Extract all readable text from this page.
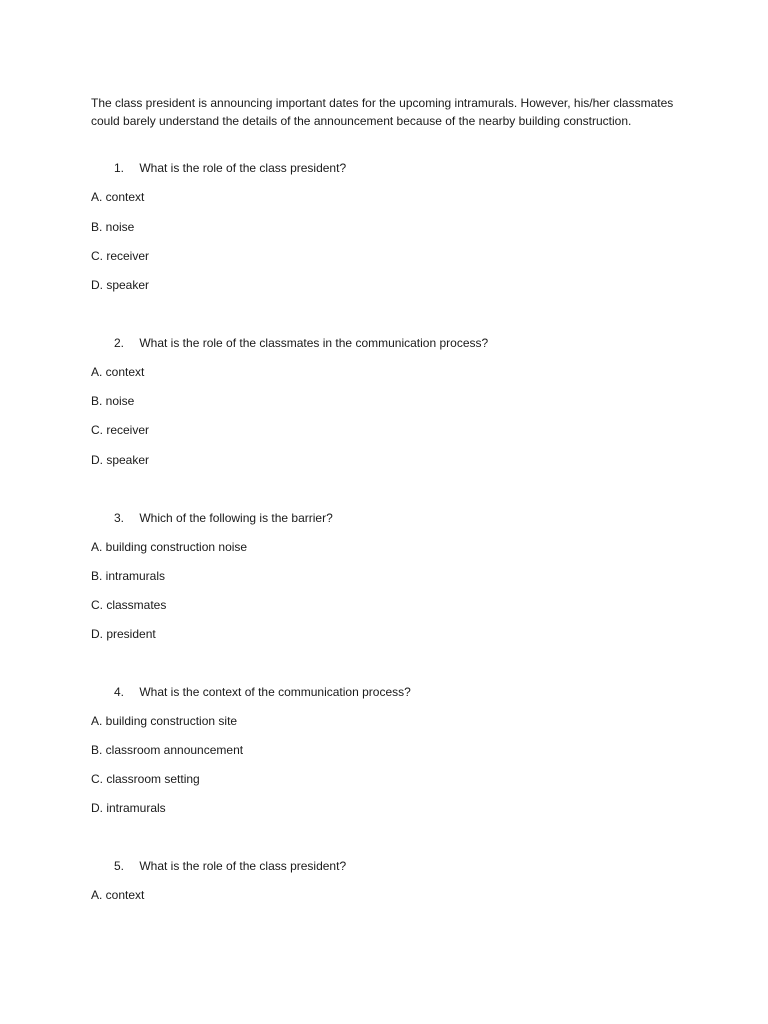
The class president is announcing important dates for the upcoming intramurals. However, his/her classmates could barely understand the details of the announcement because of the nearby building construction.

1. What is the role of the class president?

A. context

B. noise

C. receiver

D. speaker

2. What is the role of the classmates in the communication process?

A. context

B. noise

C. receiver

D. speaker

3. Which of the following is the barrier?

A. building construction noise

B. intramurals

C. classmates

D. president

4. What is the context of the communication process?

A. building construction site

B. classroom announcement

C. classroom setting

D. intramurals

5. What is the role of the class president?

A. context
